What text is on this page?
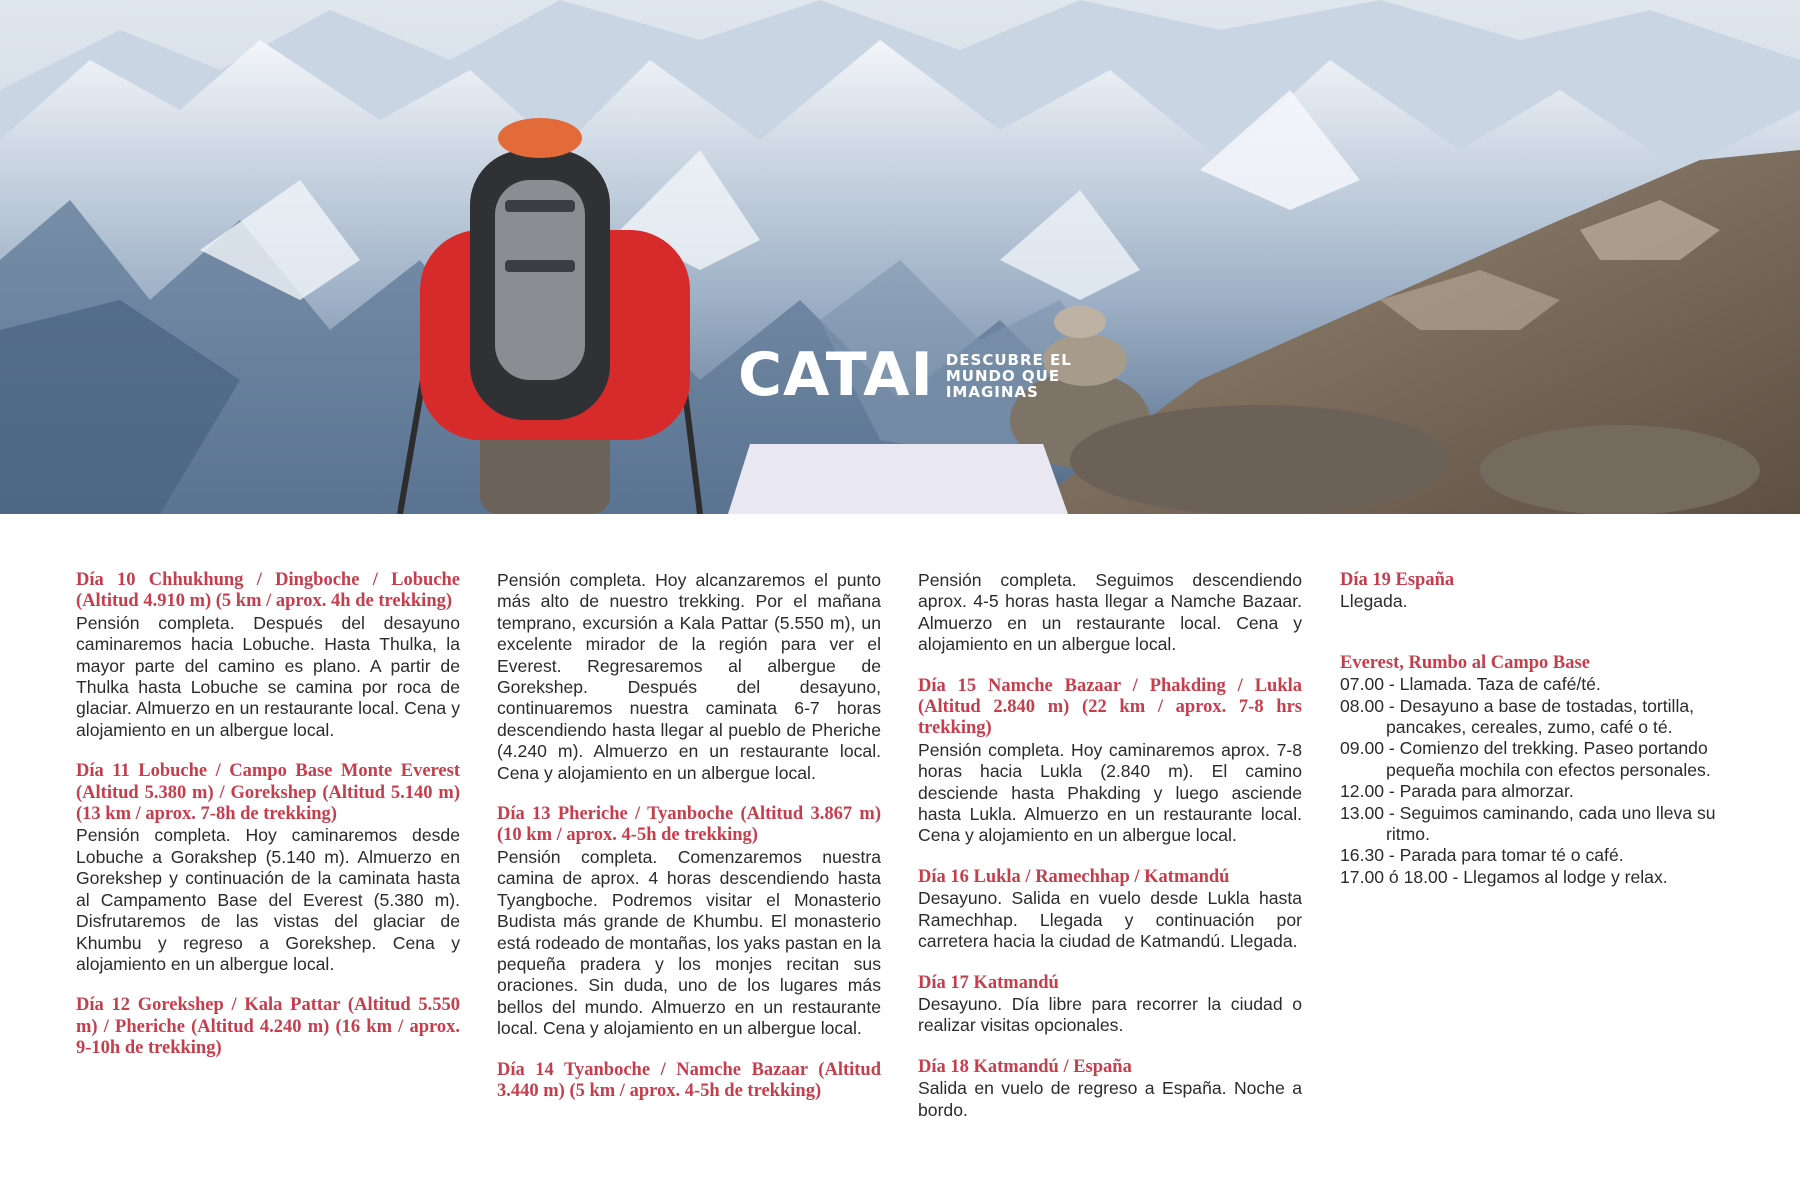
CATAI DESCUBRE EL
MUNDO QUE
IMAGINAS
Día 10 Chhukhung / Dingboche / Lobuche (Altitud 4.910 m) (5 km / aprox. 4h de trekking)

Pensión completa. Después del desayuno caminaremos hacia Lobuche. Hasta Thulka, la mayor parte del camino es plano. A partir de Thulka hasta Lobuche se camina por roca de glaciar. Almuerzo en un restaurante local. Cena y alojamiento en un albergue local.

Día 11 Lobuche / Campo Base Monte Everest (Altitud 5.380 m) / Gorekshep (Altitud 5.140 m) (13 km / aprox. 7-8h de trekking)

Pensión completa. Hoy caminaremos desde Lobuche a Gorakshep (5.140 m). Almuerzo en Gorekshep y continuación de la caminata hasta al Campamento Base del Everest (5.380 m). Disfrutaremos de las vistas del glaciar de Khumbu y regreso a Gorekshep. Cena y alojamiento en un albergue local.

Día 12 Gorekshep / Kala Pattar (Altitud 5.550 m) / Pheriche (Altitud 4.240 m) (16 km / aprox. 9-10h de trekking)

Pensión completa. Hoy alcanzaremos el punto más alto de nuestro trekking. Por el mañana temprano, excursión a Kala Pattar (5.550 m), un excelente mirador de la región para ver el Everest. Regresaremos al albergue de Gorekshep. Después del desayuno, continuaremos nuestra caminata 6-7 horas descendiendo hasta llegar al pueblo de Pheriche (4.240 m). Almuerzo en un restaurante local. Cena y alojamiento en un albergue local.

Día 13 Pheriche / Tyanboche (Altitud 3.867 m) (10 km / aprox. 4-5h de trekking)

Pensión completa. Comenzaremos nuestra camina de aprox. 4 horas descendiendo hasta Tyangboche. Podremos visitar el Monasterio Budista más grande de Khumbu. El monasterio está rodeado de montañas, los yaks pastan en la pequeña pradera y los monjes recitan sus oraciones. Sin duda, uno de los lugares más bellos del mundo. Almuerzo en un restaurante local. Cena y alojamiento en un albergue local.

Día 14 Tyanboche / Namche Bazaar (Altitud 3.440 m) (5 km / aprox. 4-5h de trekking)

Pensión completa. Seguimos descendiendo aprox. 4-5 horas hasta llegar a Namche Bazaar. Almuerzo en un restaurante local. Cena y alojamiento en un albergue local.

Día 15 Namche Bazaar / Phakding / Lukla (Altitud 2.840 m) (22 km / aprox. 7-8 hrs trekking)

Pensión completa. Hoy caminaremos aprox. 7-8 horas hacia Lukla (2.840 m). El camino desciende hasta Phakding y luego asciende hasta Lukla. Almuerzo en un restaurante local. Cena y alojamiento en un albergue local.

Día 16 Lukla / Ramechhap / Katmandú

Desayuno. Salida en vuelo desde Lukla hasta Ramechhap. Llegada y continuación por carretera hacia la ciudad de Katmandú. Llegada.

Día 17 Katmandú

Desayuno. Día libre para recorrer la ciudad o realizar visitas opcionales.

Día 18 Katmandú / España

Salida en vuelo de regreso a España. Noche a bordo.

Día 19 España

Llegada.

Everest, Rumbo al Campo Base
07.00 - Llamada. Taza de café/té.
08.00 - Desayuno a base de tostadas, tortilla, pancakes, cereales, zumo, café o té.
09.00 - Comienzo del trekking. Paseo portando pequeña mochila con efectos personales.
12.00 - Parada para almorzar.
13.00 - Seguimos caminando, cada uno lleva su ritmo.
16.30 - Parada para tomar té o café.
17.00 ó 18.00 - Llegamos al lodge y relax.
